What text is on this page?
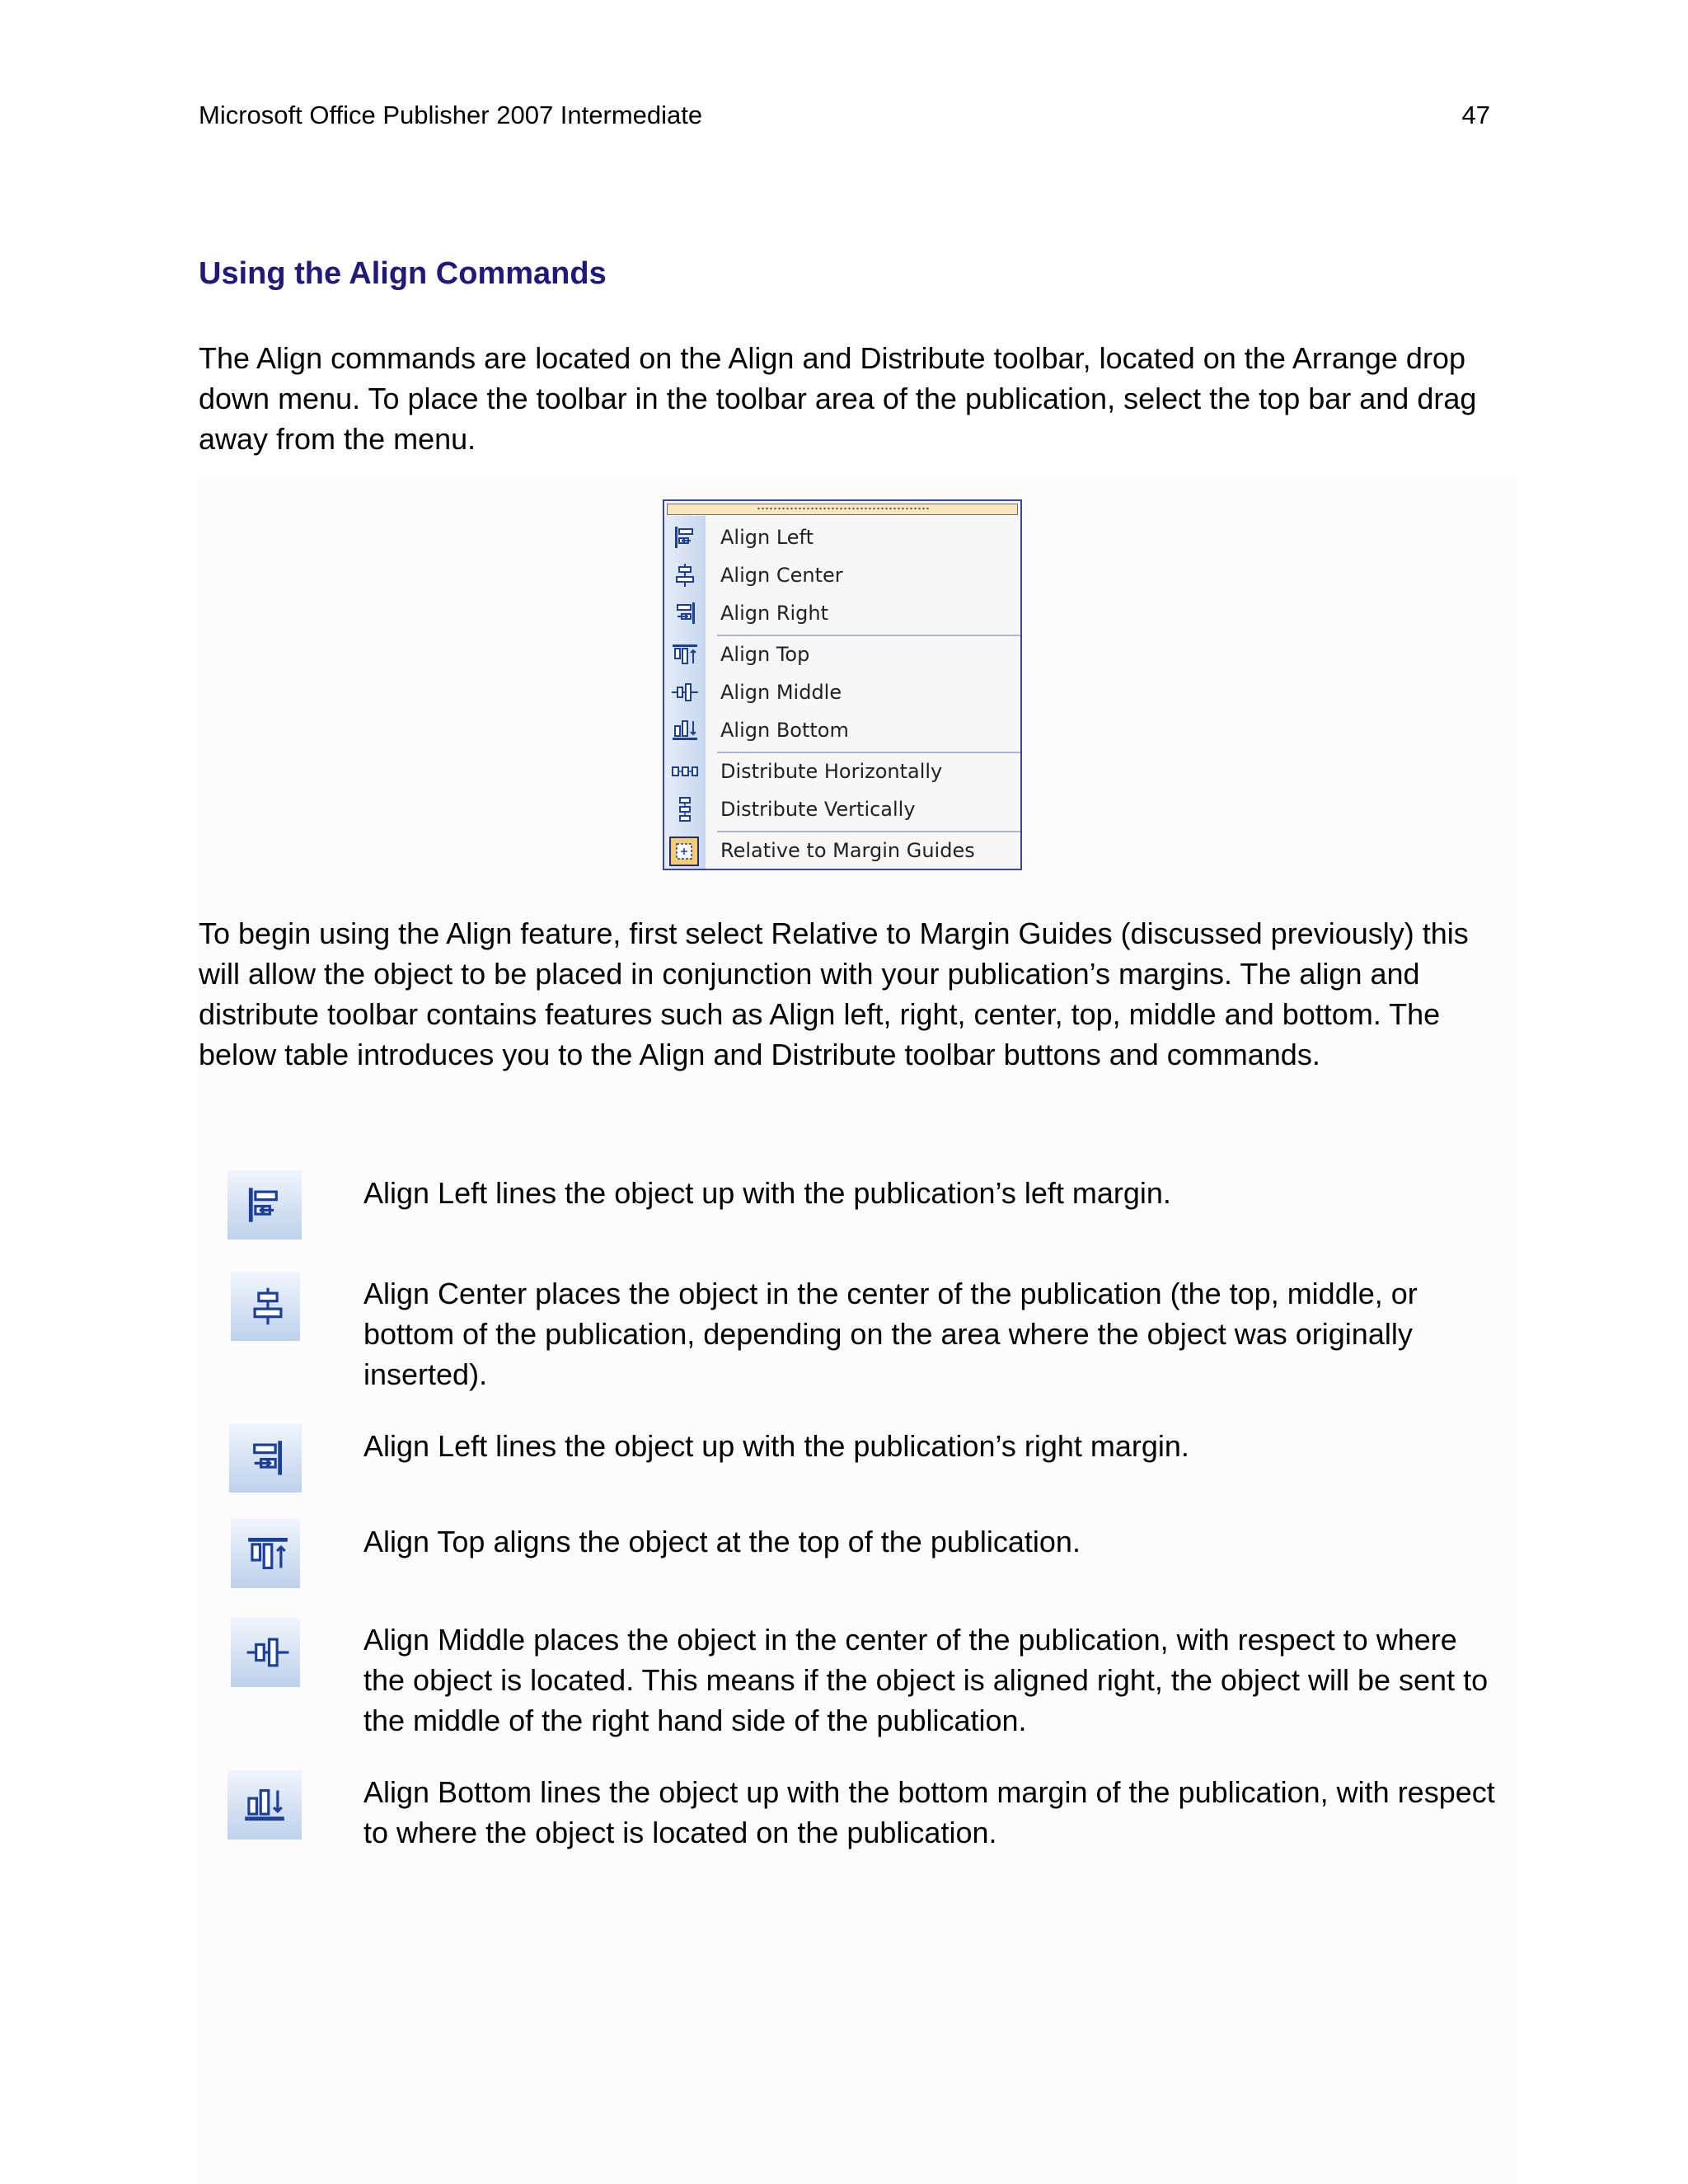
Microsoft Office Publisher 2007 Intermediate	47
Using the Align Commands

The Align commands are located on the Align and Distribute toolbar, located on the Arrange drop down menu. To place the toolbar in the toolbar area of the publication, select the top bar and drag away from the menu.

Align Left
Align Center
Align Right
Align Top
Align Middle
Align Bottom
Distribute Horizontally
Distribute Vertically
Relative to Margin Guides

To begin using the Align feature, first select Relative to Margin Guides (discussed previously) this will allow the object to be placed in conjunction with your publication’s margins. The align and distribute toolbar contains features such as Align left, right, center, top, middle and bottom. The below table introduces you to the Align and Distribute toolbar buttons and commands.

Align Left lines the object up with the publication’s left margin.

Align Center places the object in the center of the publication (the top, middle, or bottom of the publication, depending on the area where the object was originally inserted).

Align Left lines the object up with the publication’s right margin.

Align Top aligns the object at the top of the publication.

Align Middle places the object in the center of the publication, with respect to where the object is located. This means if the object is aligned right, the object will be sent to the middle of the right hand side of the publication.

Align Bottom lines the object up with the bottom margin of the publication, with respect to where the object is located on the publication.
